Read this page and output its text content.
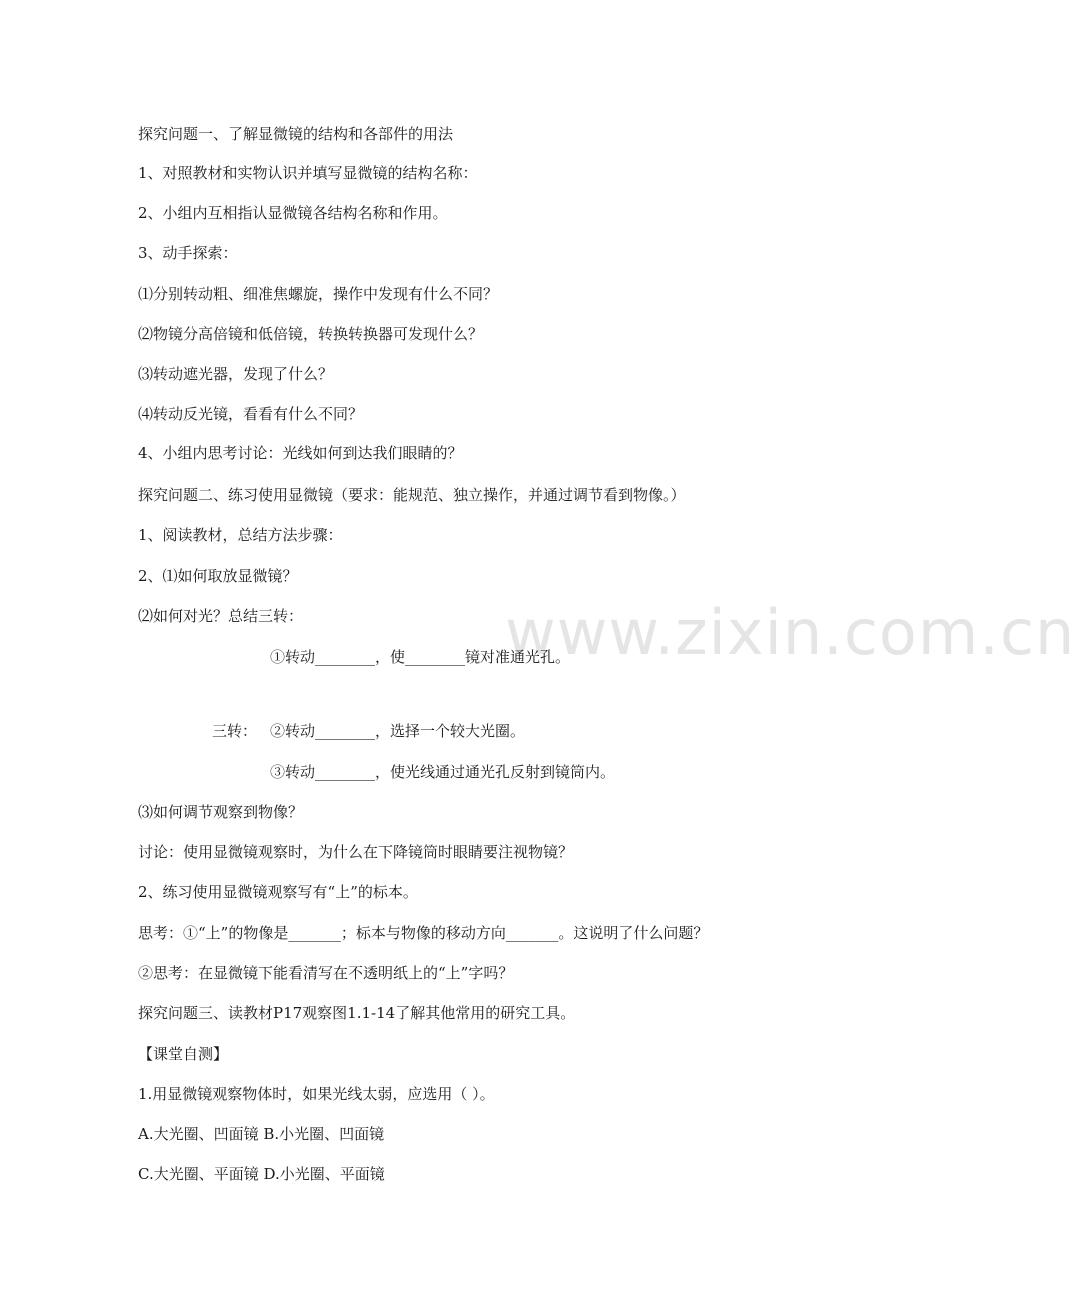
www.zixin.com.cn
探究问题一、了解显微镜的结构和各部件的用法
1、对照教材和实物认识并填写显微镜的结构名称：
2、小组内互相指认显微镜各结构名称和作用。
3、动手探索：
⑴分别转动粗、细准焦螺旋，操作中发现有什么不同？
⑵物镜分高倍镜和低倍镜，转换转换器可发现什么？
⑶转动遮光器，发现了什么？
⑷转动反光镜，看看有什么不同？
4、小组内思考讨论：光线如何到达我们眼睛的？
探究问题二、练习使用显微镜（要求：能规范、独立操作，并通过调节看到物像。）
1、阅读教材，总结方法步骤：
2、⑴如何取放显微镜？
⑵如何对光？总结三转：
①转动________，使________镜对准通光孔。
三转： ②转动________，选择一个较大光圈。
③转动________，使光线通过通光孔反射到镜筒内。
⑶如何调节观察到物像？
讨论：使用显微镜观察时，为什么在下降镜筒时眼睛要注视物镜？
2、练习使用显微镜观察写有“上”的标本。
思考：①“上”的物像是_______；标本与物像的移动方向_______。这说明了什么问题？
②思考：在显微镜下能看清写在不透明纸上的“上”字吗？
探究问题三、读教材P17观察图1.1-14了解其他常用的研究工具。
【课堂自测】
1.用显微镜观察物体时，如果光线太弱，应选用（ ）。
A.大光圈、凹面镜 B.小光圈、凹面镜
C.大光圈、平面镜 D.小光圈、平面镜
